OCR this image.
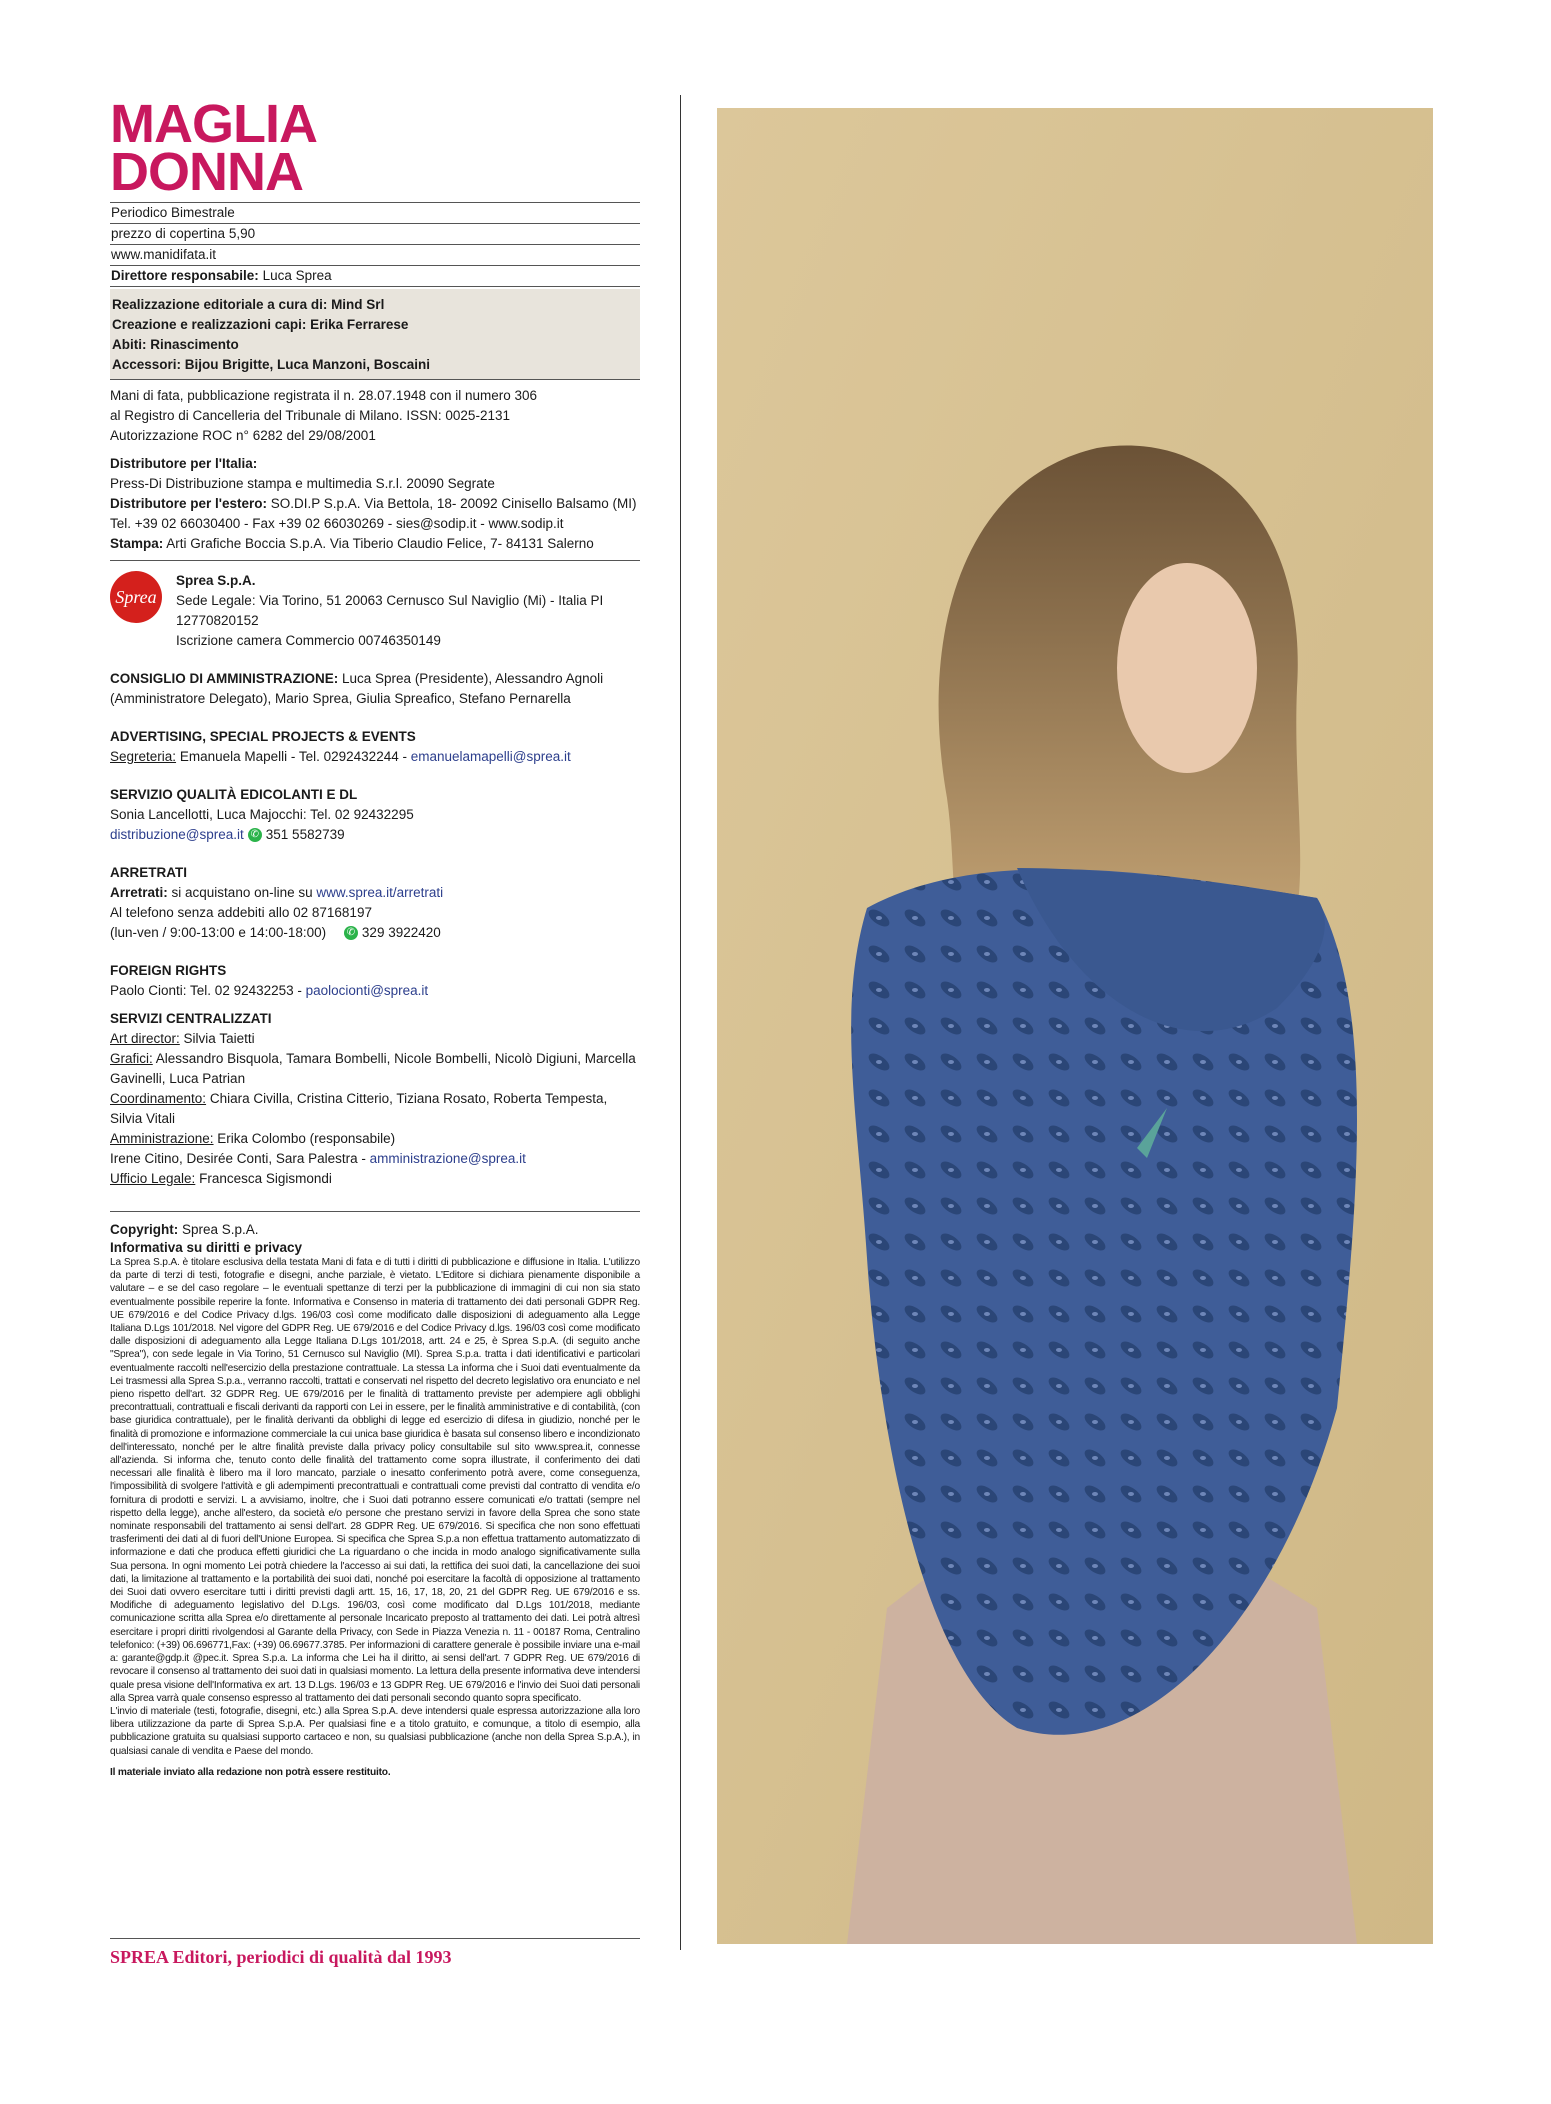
MAGLIA
DONNA
Periodico Bimestrale
prezzo di copertina 5,90
www.manidifata.it
Direttore responsabile: Luca Sprea
Realizzazione editoriale a cura di: Mind Srl
Creazione e realizzazioni capi: Erika Ferrarese
Abiti: Rinascimento
Accessori: Bijou Brigitte, Luca Manzoni, Boscaini
Mani di fata, pubblicazione registrata il n. 28.07.1948 con il numero 306
al Registro di Cancelleria del Tribunale di Milano. ISSN: 0025-2131
Autorizzazione ROC n° 6282 del 29/08/2001
Distributore per l'Italia:
Press-Di Distribuzione stampa e multimedia S.r.l. 20090 Segrate
Distributore per l'estero: SO.DI.P S.p.A. Via Bettola, 18- 20092 Cinisello Balsamo (MI)
Tel. +39 02 66030400 - Fax +39 02 66030269 - sies@sodip.it - www.sodip.it
Stampa: Arti Grafiche Boccia S.p.A. Via Tiberio Claudio Felice, 7- 84131 Salerno
Sprea
Sprea S.p.A.
Sede Legale: Via Torino, 51 20063 Cernusco Sul Naviglio (Mi) - Italia PI 12770820152
Iscrizione camera Commercio 00746350149
CONSIGLIO DI AMMINISTRAZIONE: Luca Sprea (Presidente), Alessandro Agnoli (Amministratore Delegato), Mario Sprea, Giulia Spreafico, Stefano Pernarella
ADVERTISING, SPECIAL PROJECTS & EVENTS
Segreteria: Emanuela Mapelli - Tel. 0292432244 - emanuelamapelli@sprea.it
SERVIZIO QUALITÀ EDICOLANTI E DL
Sonia Lancellotti, Luca Majocchi: Tel. 02 92432295
distribuzione@sprea.it ✆ 351 5582739
ARRETRATI
Arretrati: si acquistano on-line su www.sprea.it/arretrati
Al telefono senza addebiti allo 02 87168197
(lun-ven / 9:00-13:00 e 14:00-18:00) ✆ 329 3922420
FOREIGN RIGHTS
Paolo Cionti: Tel. 02 92432253 - paolocionti@sprea.it
SERVIZI CENTRALIZZATI
Art director: Silvia Taietti
Grafici: Alessandro Bisquola, Tamara Bombelli, Nicole Bombelli, Nicolò Digiuni, Marcella Gavinelli, Luca Patrian
Coordinamento: Chiara Civilla, Cristina Citterio, Tiziana Rosato, Roberta Tempesta, Silvia Vitali
Amministrazione: Erika Colombo (responsabile)
Irene Citino, Desirée Conti, Sara Palestra - amministrazione@sprea.it
Ufficio Legale: Francesca Sigismondi
Copyright: Sprea S.p.A.
Informativa su diritti e privacy
La Sprea S.p.A. è titolare esclusiva della testata Mani di fata e di tutti i diritti di pubblicazione e diffusione in Italia. L'utilizzo da parte di terzi di testi, fotografie e disegni, anche parziale, è vietato. L'Editore si dichiara pienamente disponibile a valutare – e se del caso regolare – le eventuali spettanze di terzi per la pubblicazione di immagini di cui non sia stato eventualmente possibile reperire la fonte. Informativa e Consenso in materia di trattamento dei dati personali GDPR Reg. UE 679/2016 e del Codice Privacy d.lgs. 196/03 così come modificato dalle disposizioni di adeguamento alla Legge Italiana D.Lgs 101/2018. Nel vigore del GDPR Reg. UE 679/2016 e del Codice Privacy d.lgs. 196/03 così come modificato dalle disposizioni di adeguamento alla Legge Italiana D.Lgs 101/2018, artt. 24 e 25, è Sprea S.p.A. (di seguito anche "Sprea"), con sede legale in Via Torino, 51 Cernusco sul Naviglio (MI). Sprea S.p.a. tratta i dati identificativi e particolari eventualmente raccolti nell'esercizio della prestazione contrattuale. La stessa La informa che i Suoi dati eventualmente da Lei trasmessi alla Sprea S.p.a., verranno raccolti, trattati e conservati nel rispetto del decreto legislativo ora enunciato e nel pieno rispetto dell'art. 32 GDPR Reg. UE 679/2016 per le finalità di trattamento previste per adempiere agli obblighi precontrattuali, contrattuali e fiscali derivanti da rapporti con Lei in essere, per le finalità amministrative e di contabilità, (con base giuridica contrattuale), per le finalità derivanti da obblighi di legge ed esercizio di difesa in giudizio, nonché per le finalità di promozione e informazione commerciale la cui unica base giuridica è basata sul consenso libero e incondizionato dell'interessato, nonché per le altre finalità previste dalla privacy policy consultabile sul sito www.sprea.it, connesse all'azienda. Si informa che, tenuto conto delle finalità del trattamento come sopra illustrate, il conferimento dei dati necessari alle finalità è libero ma il loro mancato, parziale o inesatto conferimento potrà avere, come conseguenza, l'impossibilità di svolgere l'attività e gli adempimenti precontrattuali e contrattuali come previsti dal contratto di vendita e/o fornitura di prodotti e servizi. L a avvisiamo, inoltre, che i Suoi dati potranno essere comunicati e/o trattati (sempre nel rispetto della legge), anche all'estero, da società e/o persone che prestano servizi in favore della Sprea che sono state nominate responsabili del trattamento ai sensi dell'art. 28 GDPR Reg. UE 679/2016. Si specifica che non sono effettuati trasferimenti dei dati al di fuori dell'Unione Europea. Si specifica che Sprea S.p.a non effettua trattamento automatizzato di informazione e dati che produca effetti giuridici che La riguardano o che incida in modo analogo significativamente sulla Sua persona. In ogni momento Lei potrà chiedere la l'accesso ai sui dati, la rettifica dei suoi dati, la cancellazione dei suoi dati, la limitazione al trattamento e la portabilità dei suoi dati, nonché poi esercitare la facoltà di opposizione al trattamento dei Suoi dati ovvero esercitare tutti i diritti previsti dagli artt. 15, 16, 17, 18, 20, 21 del GDPR Reg. UE 679/2016 e ss. Modifiche di adeguamento legislativo del D.Lgs. 196/03, così come modificato dal D.Lgs 101/2018, mediante comunicazione scritta alla Sprea e/o direttamente al personale Incaricato preposto al trattamento dei dati. Lei potrà altresì esercitare i propri diritti rivolgendosi al Garante della Privacy, con Sede in Piazza Venezia n. 11 - 00187 Roma, Centralino telefonico: (+39) 06.696771,Fax: (+39) 06.69677.3785. Per informazioni di carattere generale è possibile inviare una e-mail a: garante@gdp.it @pec.it. Sprea S.p.a. La informa che Lei ha il diritto, ai sensi dell'art. 7 GDPR Reg. UE 679/2016 di revocare il consenso al trattamento dei suoi dati in qualsiasi momento. La lettura della presente informativa deve intendersi quale presa visione dell'Informativa ex art. 13 D.Lgs. 196/03 e 13 GDPR Reg. UE 679/2016 e l'invio dei Suoi dati personali alla Sprea varrà quale consenso espresso al trattamento dei dati personali secondo quanto sopra specificato.
L'invio di materiale (testi, fotografie, disegni, etc.) alla Sprea S.p.A. deve intendersi quale espressa autorizzazione alla loro libera utilizzazione da parte di Sprea S.p.A. Per qualsiasi fine e a titolo gratuito, e comunque, a titolo di esempio, alla pubblicazione gratuita su qualsiasi supporto cartaceo e non, su qualsiasi pubblicazione (anche non della Sprea S.p.A.), in qualsiasi canale di vendita e Paese del mondo.
Il materiale inviato alla redazione non potrà essere restituito.
SPREA Editori, periodici di qualità dal 1993
